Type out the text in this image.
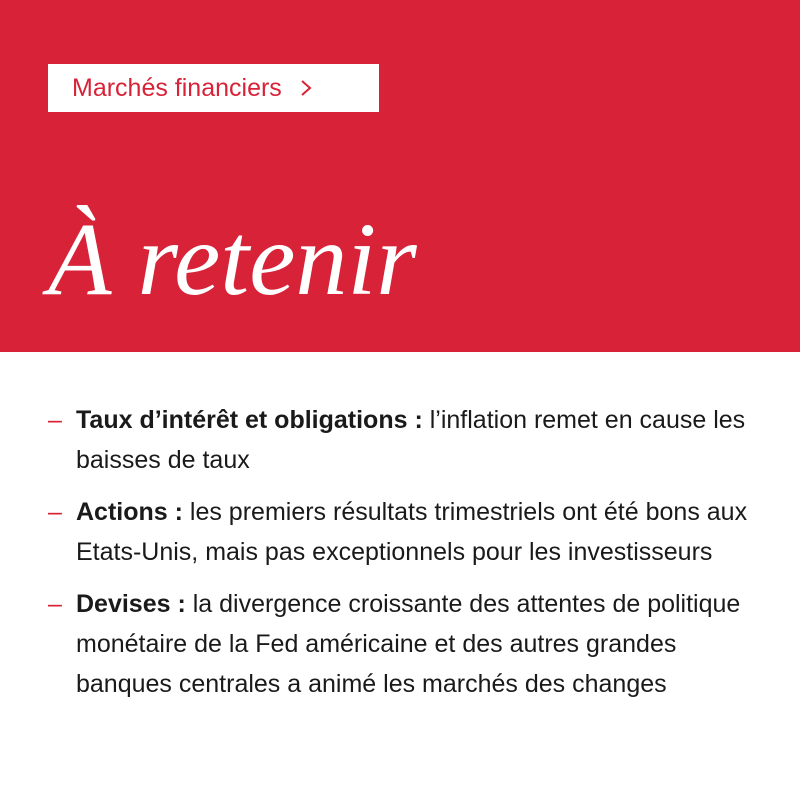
Marchés financiers
À retenir
– Taux d’intérêt et obligations : l’inflation remet en cause les baisses de taux
– Actions : les premiers résultats trimestriels ont été bons aux Etats-Unis, mais pas exceptionnels pour les investisseurs
– Devises : la divergence croissante des attentes de politique monétaire de la Fed américaine et des autres grandes banques centrales a animé les marchés des changes
